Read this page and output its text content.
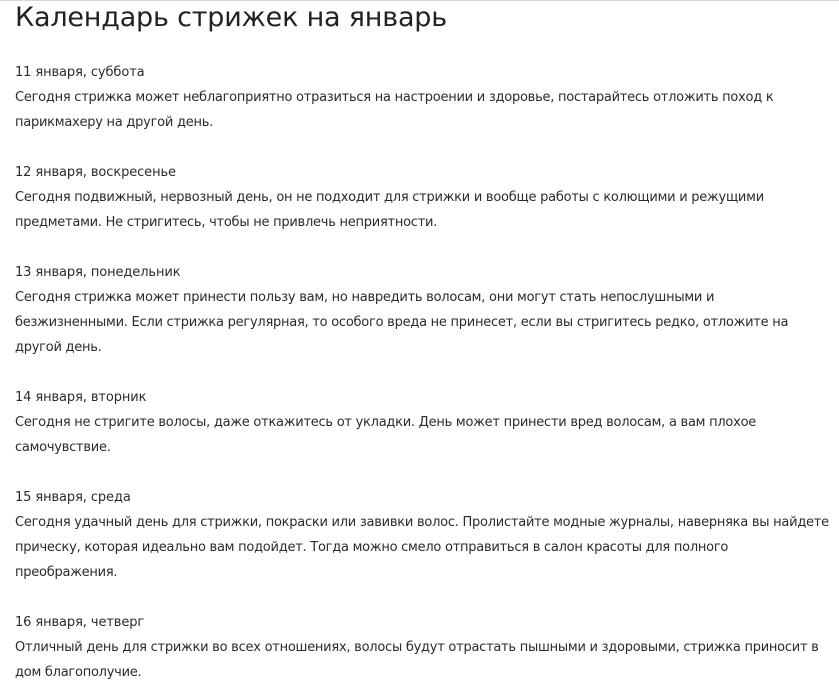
Календарь стрижек на январь
11 января, суббота
Сегодня стрижка может неблагоприятно отразиться на настроении и здоровье, постарайтесь отложить поход к парикмахеру на другой день.
12 января, воскресенье
Сегодня подвижный, нервозный день, он не подходит для стрижки и вообще работы с колющими и режущими предметами. Не стригитесь, чтобы не привлечь неприятности.
13 января, понедельник
Сегодня стрижка может принести пользу вам, но навредить волосам, они могут стать непослушными и безжизненными. Если стрижка регулярная, то особого вреда не принесет, если вы стригитесь редко, отложите на другой день.
14 января, вторник
Сегодня не стригите волосы, даже откажитесь от укладки. День может принести вред волосам, а вам плохое самочувствие.
15 января, среда
Сегодня удачный день для стрижки, покраски или завивки волос. Пролистайте модные журналы, наверняка вы найдете прическу, которая идеально вам подойдет. Тогда можно смело отправиться в салон красоты для полного преображения.
16 января, четверг
Отличный день для стрижки во всех отношениях, волосы будут отрастать пышными и здоровыми, стрижка приносит в дом благополучие.
